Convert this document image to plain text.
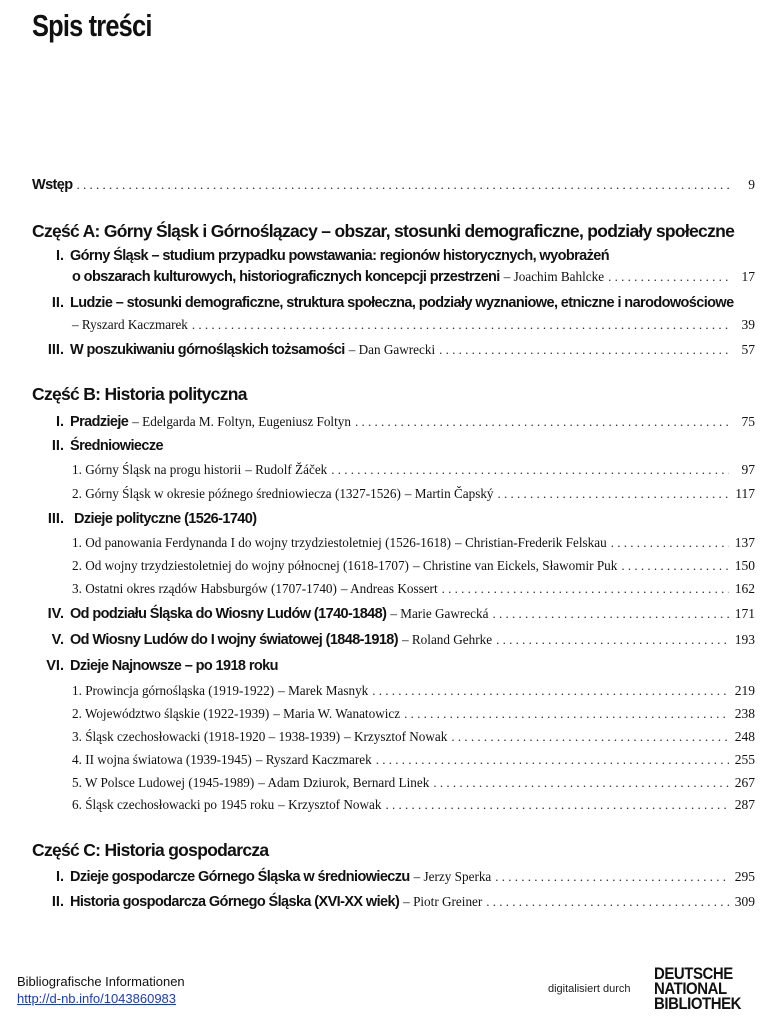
Spis treści
Wstęp . . .	9
Część A: Górny Śląsk i Górnoślązacy – obszar, stosunki demograficzne, podziały społeczne
I. Górny Śląsk – studium przypadku powstawania: regionów historycznych, wyobrażeń
o obszarach kulturowych, historiograficznych koncepcji przestrzeni – Joachim Bahlcke . . .	17
II. Ludzie – stosunki demograficzne, struktura społeczna, podziały wyznaniowe, etniczne i narodowościowe
– Ryszard Kaczmarek . . .	39
III. W poszukiwaniu górnośląskich tożsamości – Dan Gawrecki . . .	57
Część B: Historia polityczna
I. Pradzieje – Edelgarda M. Foltyn, Eugeniusz Foltyn . . .	75
II. Średniowiecze
1. Górny Śląsk na progu historii – Rudolf Žáček . . .	97
2. Górny Śląsk w okresie późnego średniowiecza (1327-1526) – Martin Čapský . . .	117
III. Dzieje polityczne (1526-1740)
1. Od panowania Ferdynanda I do wojny trzydziestoletniej (1526-1618) – Christian-Frederik Felskau . . .	137
2. Od wojny trzydziestoletniej do wojny północnej (1618-1707) – Christine van Eickels, Sławomir Puk . . .	150
3. Ostatni okres rządów Habsburgów (1707-1740) – Andreas Kossert . . .	162
IV. Od podziału Śląska do Wiosny Ludów (1740-1848) – Marie Gawrecká . . .	171
V. Od Wiosny Ludów do I wojny światowej (1848-1918) – Roland Gehrke . . .	193
VI. Dzieje Najnowsze – po 1918 roku
1. Prowincja górnośląska (1919-1922) – Marek Masnyk . . .	219
2. Województwo śląskie (1922-1939) – Maria W. Wanatowicz . . .	238
3. Śląsk czechosłowacki (1918-1920 – 1938-1939) – Krzysztof Nowak . . .	248
4. II wojna światowa (1939-1945) – Ryszard Kaczmarek . . .	255
5. W Polsce Ludowej (1945-1989) – Adam Dziurok, Bernard Linek . . .	267
6. Śląsk czechosłowacki po 1945 roku – Krzysztof Nowak . . .	287
Część C: Historia gospodarcza
I. Dzieje gospodarcze Górnego Śląska w średniowieczu – Jerzy Sperka . . .	295
II. Historia gospodarcza Górnego Śląska (XVI-XX wiek) – Piotr Greiner . . .	309
Bibliografische Informationen
http://d-nb.info/1043860983
digitalisiert durch
DEUTSCHE
NATIONAL
BIBLIOTHEK
